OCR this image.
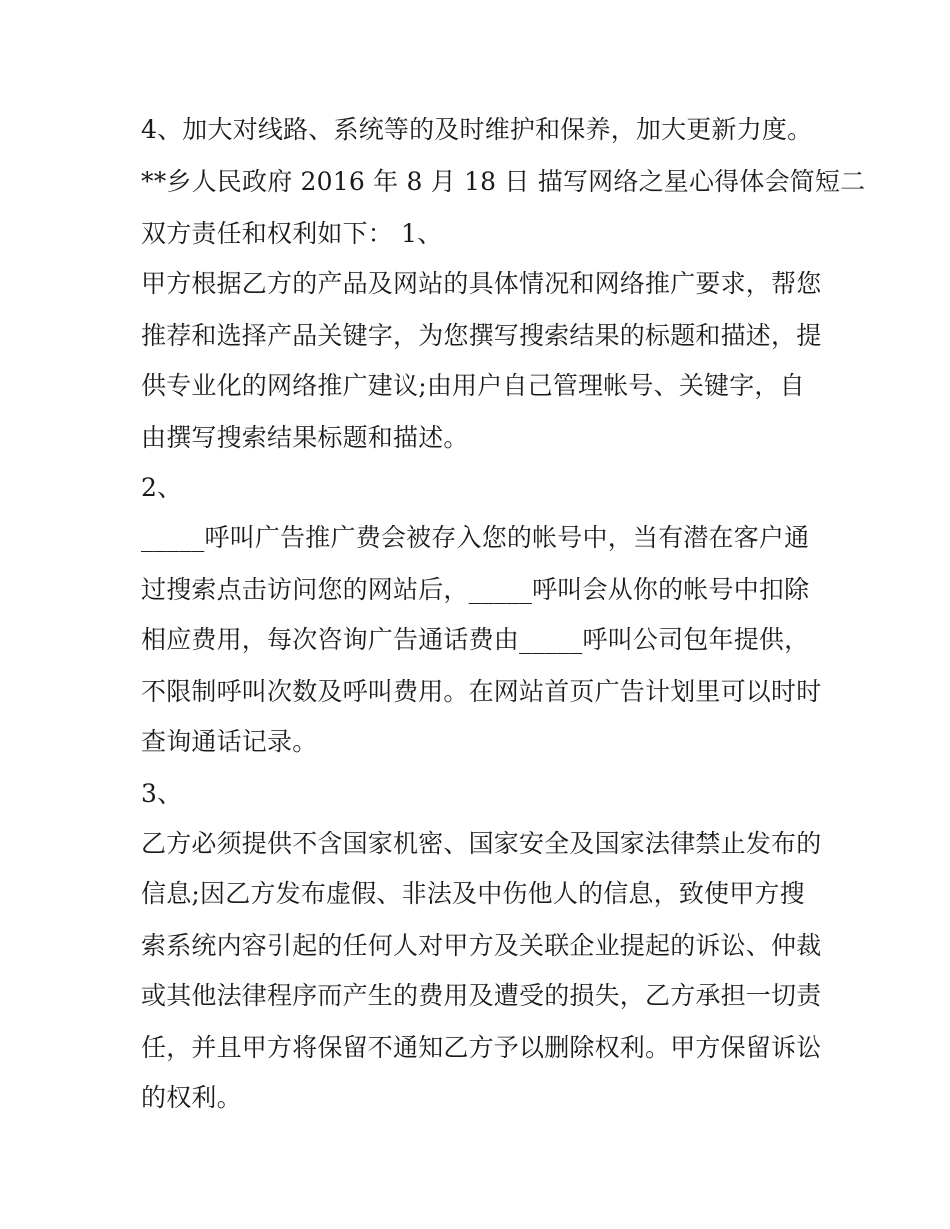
4、加大对线路、系统等的及时维护和保养，加大更新力度。
**乡人民政府 2016 年 8 月 18 日 描写网络之星心得体会简短二
双方责任和权利如下： 1、
甲方根据乙方的产品及网站的具体情况和网络推广要求，帮您
推荐和选择产品关键字，为您撰写搜索结果的标题和描述，提
供专业化的网络推广建议;由用户自己管理帐号、关键字，自
由撰写搜索结果标题和描述。
2、
_____呼叫广告推广费会被存入您的帐号中，当有潜在客户通
过搜索点击访问您的网站后，_____呼叫会从你的帐号中扣除
相应费用，每次咨询广告通话费由_____呼叫公司包年提供，
不限制呼叫次数及呼叫费用。在网站首页广告计划里可以时时
查询通话记录。
3、
乙方必须提供不含国家机密、国家安全及国家法律禁止发布的
信息;因乙方发布虚假、非法及中伤他人的信息，致使甲方搜
索系统内容引起的任何人对甲方及关联企业提起的诉讼、仲裁
或其他法律程序而产生的费用及遭受的损失，乙方承担一切责
任，并且甲方将保留不通知乙方予以删除权利。甲方保留诉讼
的权利。
